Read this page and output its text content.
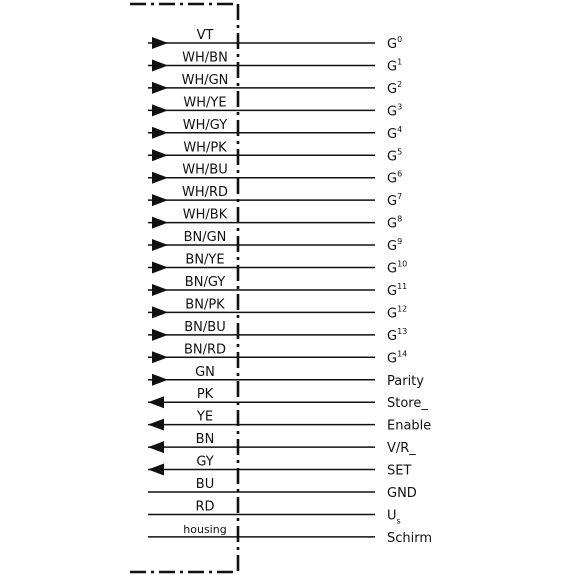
VT
$G^0$
WH/BN
$G^1$
WH/GN
$G^2$
WH/YE
$G^3$
WH/GY
$G^4$
WH/PK
$G^5$
WH/BU
$G^6$
WH/RD
$G^7$
WH/BK
$G^8$
BN/GN
$G^9$
BN/YE
$G^{10}$
BN/GY
$G^{11}$
BN/PK
$G^{12}$
BN/BU
$G^{13}$
BN/RD
$G^{14}$
GN
Parity
PK
Store_
YE
Enable
BN
V/R_
GY
SET
BU
GND
RD
$U_s$
housing
Schirm
